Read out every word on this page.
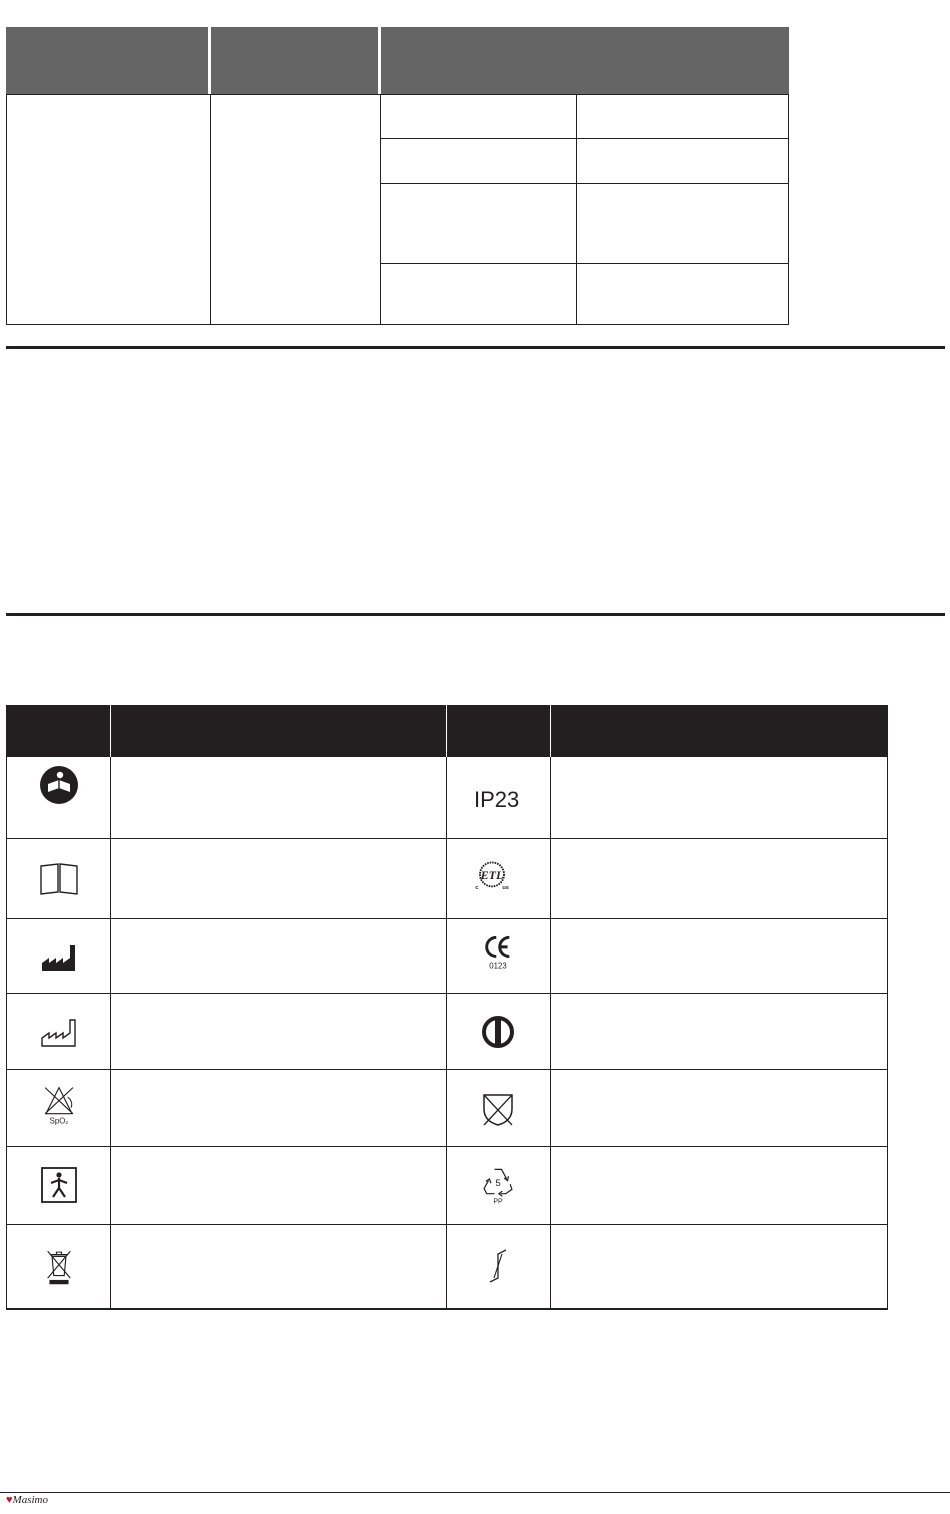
SpO₂
IP23
ETL
c	us
0123
5
PP
♥Masimo
